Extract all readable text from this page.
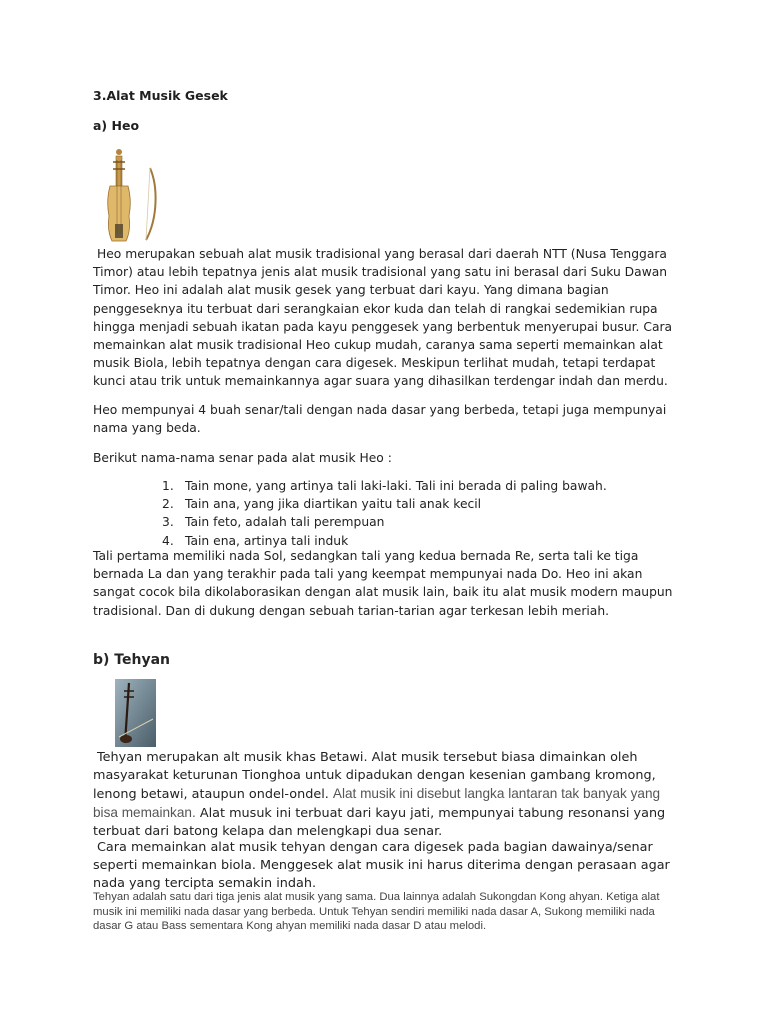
3.Alat Musik Gesek
a) Heo

Heo merupakan sebuah alat musik tradisional yang berasal dari daerah NTT (Nusa Tenggara Timor) atau lebih tepatnya jenis alat musik tradisional yang satu ini berasal dari Suku Dawan Timor. Heo ini adalah alat musik gesek yang terbuat dari kayu. Yang dimana bagian penggeseknya itu terbuat dari serangkaian ekor kuda dan telah di rangkai sedemikian rupa hingga menjadi sebuah ikatan pada kayu penggesek yang berbentuk menyerupai busur. Cara memainkan alat musik tradisional Heo cukup mudah, caranya sama seperti memainkan alat musik Biola, lebih tepatnya dengan cara digesek. Meskipun terlihat mudah, tetapi terdapat kunci atau trik untuk memainkannya agar suara yang dihasilkan terdengar indah dan merdu.

Heo mempunyai 4 buah senar/tali dengan nada dasar yang berbeda, tetapi juga mempunyai nama yang beda.

Berikut nama-nama senar pada alat musik Heo :

1. Tain mone, yang artinya tali laki-laki. Tali ini berada di paling bawah.
2. Tain ana, yang jika diartikan yaitu tali anak kecil
3. Tain feto, adalah tali perempuan
4. Tain ena, artinya tali induk

Tali pertama memiliki nada Sol, sedangkan tali yang kedua bernada Re, serta tali ke tiga bernada La dan yang terakhir pada tali yang keempat mempunyai nada Do. Heo ini akan sangat cocok bila dikolaborasikan dengan alat musik lain, baik itu alat musik modern maupun tradisional. Dan di dukung dengan sebuah tarian-tarian agar terkesan lebih meriah.

b) Tehyan

Tehyan merupakan alt musik khas Betawi. Alat musik tersebut biasa dimainkan oleh masyarakat keturunan Tionghoa untuk dipadukan dengan kesenian gambang kromong, lenong betawi, ataupun ondel-ondel. Alat musik ini disebut langka lantaran tak banyak yang bisa memainkan. Alat musuk ini terbuat dari kayu jati, mempunyai tabung resonansi yang terbuat dari batong kelapa dan melengkapi dua senar.

Cara memainkan alat musik tehyan dengan cara digesek pada bagian dawainya/senar seperti memainkan biola. Menggesek alat musik ini harus diterima dengan perasaan agar nada yang tercipta semakin indah.

Tehyan adalah satu dari tiga jenis alat musik yang sama. Dua lainnya adalah Sukongdan Kong ahyan. Ketiga alat musik ini memiliki nada dasar yang berbeda. Untuk Tehyan sendiri memiliki nada dasar A, Sukong memiliki nada dasar G atau Bass sementara Kong ahyan memiliki nada dasar D atau melodi.
